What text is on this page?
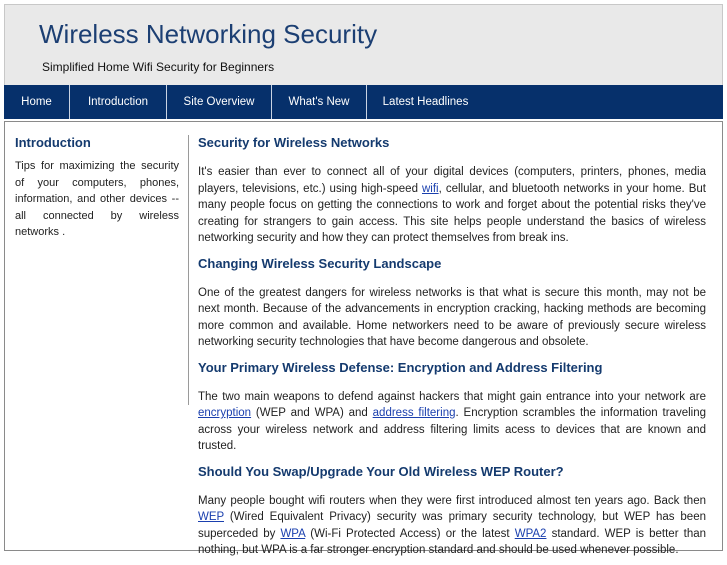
Wireless Networking Security

Simplified Home Wifi Security for Beginners

Home	Introduction	Site Overview	What's New	Latest Headlines
Introduction

Tips for maximizing the security of your computers, phones, information, and other devices -- all connected by wireless networks .

Security for Wireless Networks

It's easier than ever to connect all of your digital devices (computers, printers, phones, media players, televisions, etc.) using high-speed wifi, cellular, and bluetooth networks in your home. But many people focus on getting the connections to work and forget about the potential risks they've creating for strangers to gain access. This site helps people understand the basics of wireless networking security and how they can protect themselves from break ins.

Changing Wireless Security Landscape

One of the greatest dangers for wireless networks is that what is secure this month, may not be next month. Because of the advancements in encryption cracking, hacking methods are becoming more common and available. Home networkers need to be aware of previously secure wireless networking security technologies that have become dangerous and obsolete.

Your Primary Wireless Defense: Encryption and Address Filtering

The two main weapons to defend against hackers that might gain entrance into your network are encryption (WEP and WPA) and address filtering. Encryption scrambles the information traveling across your wireless network and address filtering limits acess to devices that are known and trusted.

Should You Swap/Upgrade Your Old Wireless WEP Router?

Many people bought wifi routers when they were first introduced almost ten years ago. Back then WEP (Wired Equivalent Privacy) security was primary security technology, but WEP has been superceded by WPA (Wi-Fi Protected Access) or the latest WPA2 standard. WEP is better than nothing, but WPA is a far stronger encryption standard and should be used whenever possible.
